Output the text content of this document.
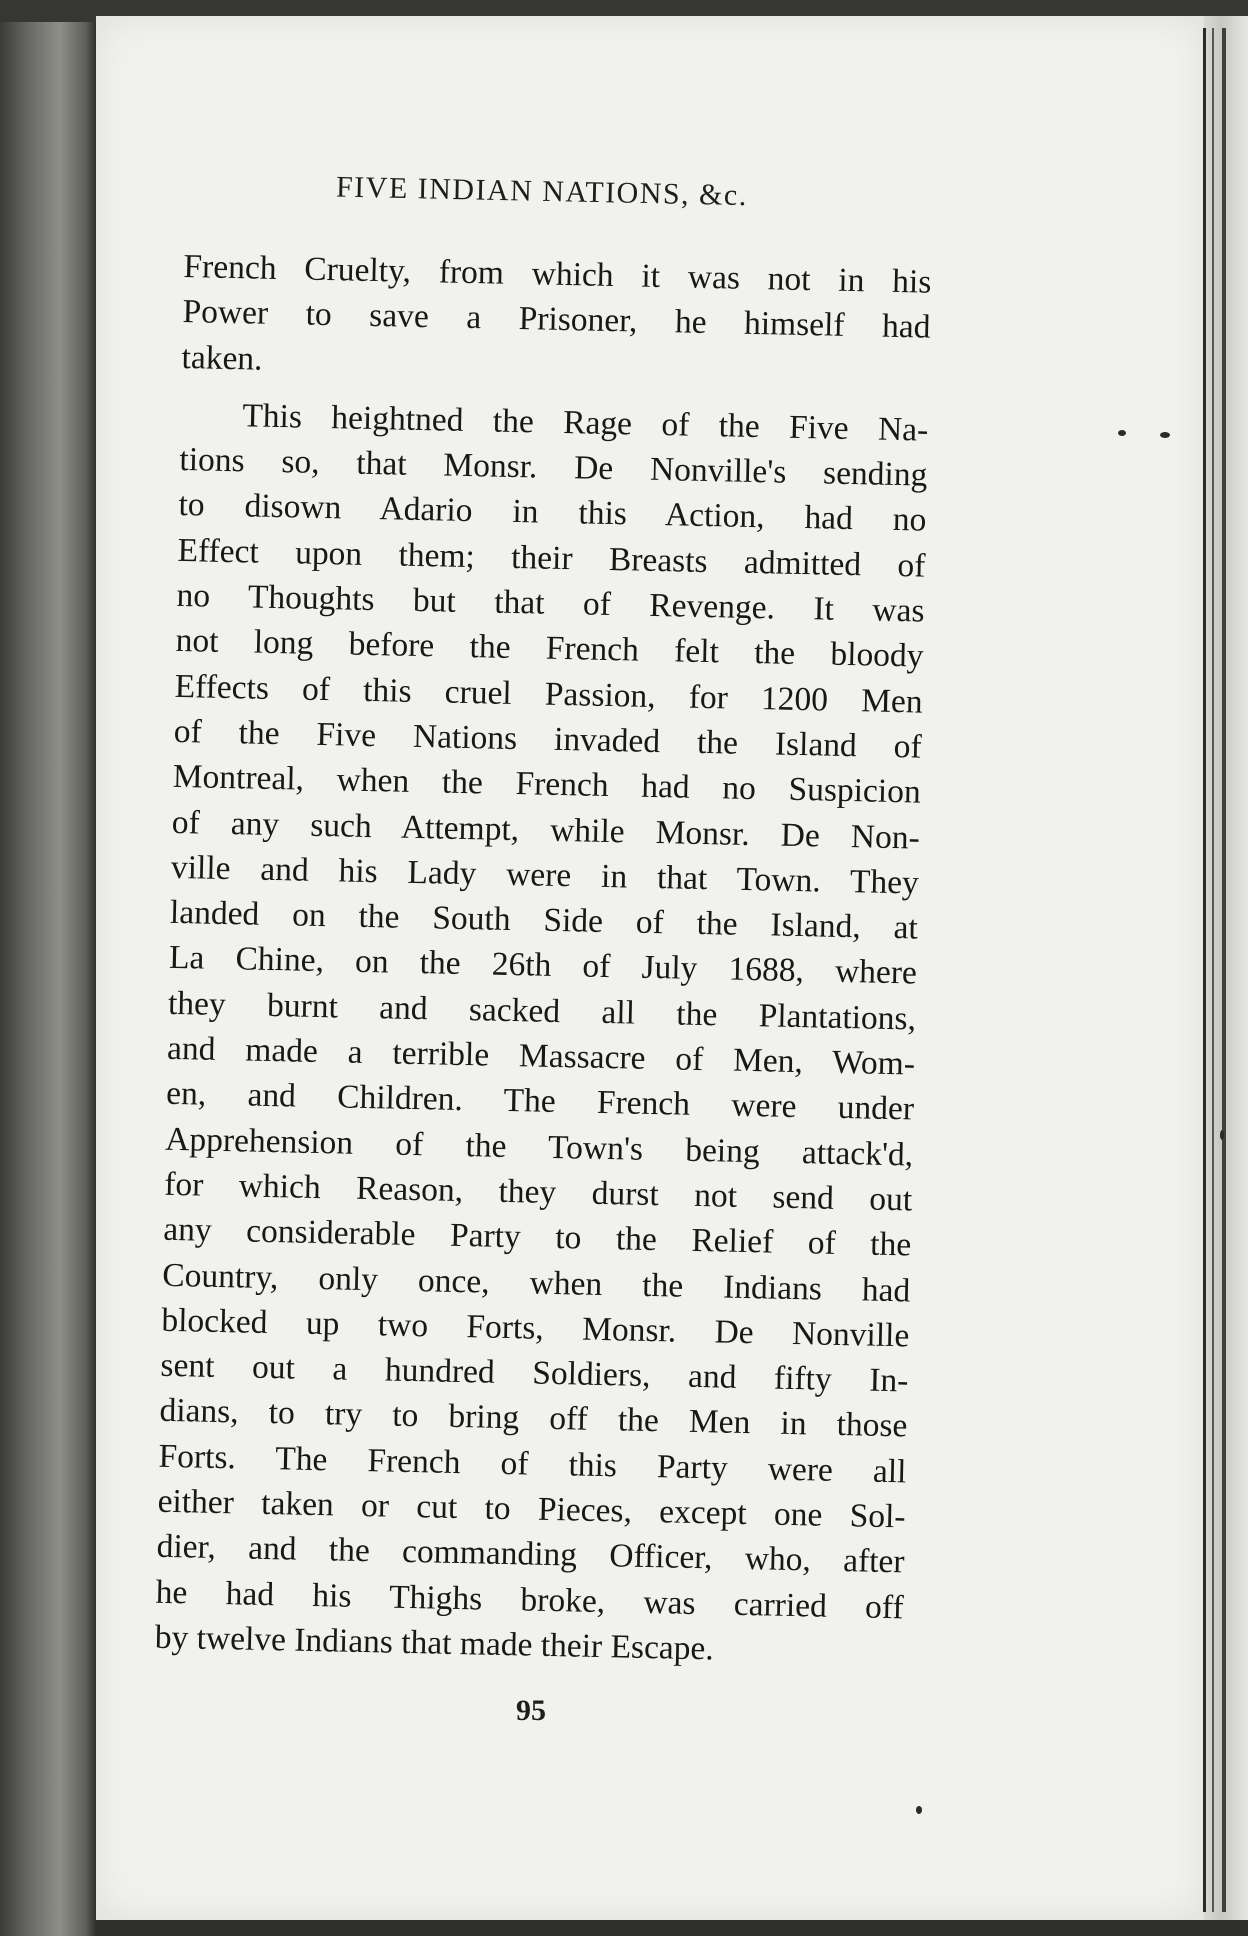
FIVE INDIAN NATIONS, &c.
French Cruelty, from which it was not in his
Power to save a Prisoner, he himself had
taken.
This heightned the Rage of the Five Na-
tions so, that Monsr. De Nonville's sending
to disown Adario in this Action, had no
Effect upon them; their Breasts admitted of
no Thoughts but that of Revenge. It was
not long before the French felt the bloody
Effects of this cruel Passion, for 1200 Men
of the Five Nations invaded the Island of
Montreal, when the French had no Suspicion
of any such Attempt, while Monsr. De Non-
ville and his Lady were in that Town. They
landed on the South Side of the Island, at
La Chine, on the 26th of July 1688, where
they burnt and sacked all the Plantations,
and made a terrible Massacre of Men, Wom-
en, and Children. The French were under
Apprehension of the Town's being attack'd,
for which Reason, they durst not send out
any considerable Party to the Relief of the
Country, only once, when the Indians had
blocked up two Forts, Monsr. De Nonville
sent out a hundred Soldiers, and fifty In-
dians, to try to bring off the Men in those
Forts. The French of this Party were all
either taken or cut to Pieces, except one Sol-
dier, and the commanding Officer, who, after
he had his Thighs broke, was carried off
by twelve Indians that made their Escape.
95
